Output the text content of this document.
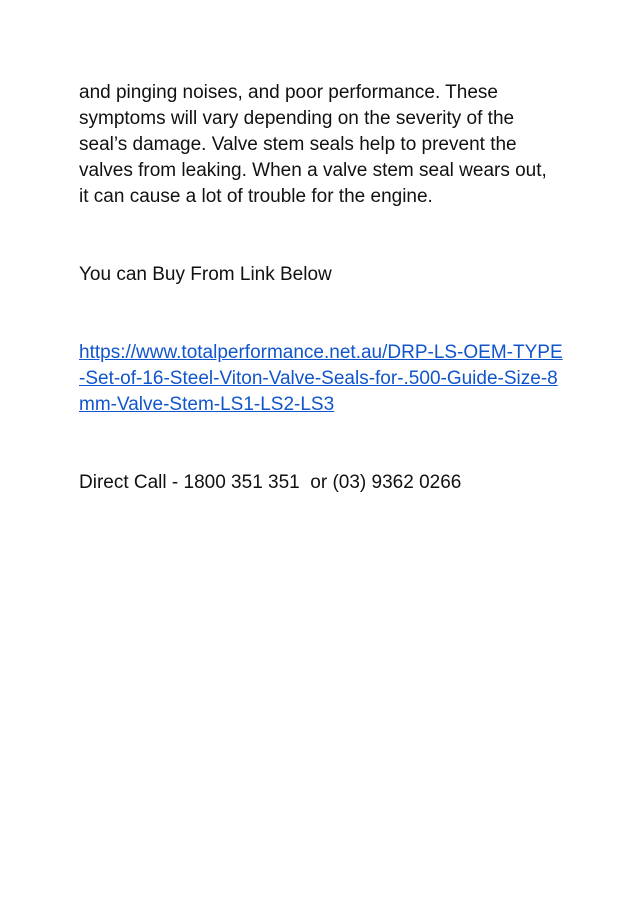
and pinging noises, and poor performance. These symptoms will vary depending on the severity of the seal’s damage. Valve stem seals help to prevent the valves from leaking. When a valve stem seal wears out, it can cause a lot of trouble for the engine.

You can Buy From Link Below

https://www.totalperformance.net.au/DRP-LS-OEM-TYPE-Set-of-16-Steel-Viton-Valve-Seals-for-.500-Guide-Size-8mm-Valve-Stem-LS1-LS2-LS3

Direct Call - 1800 351 351  or (03) 9362 0266
